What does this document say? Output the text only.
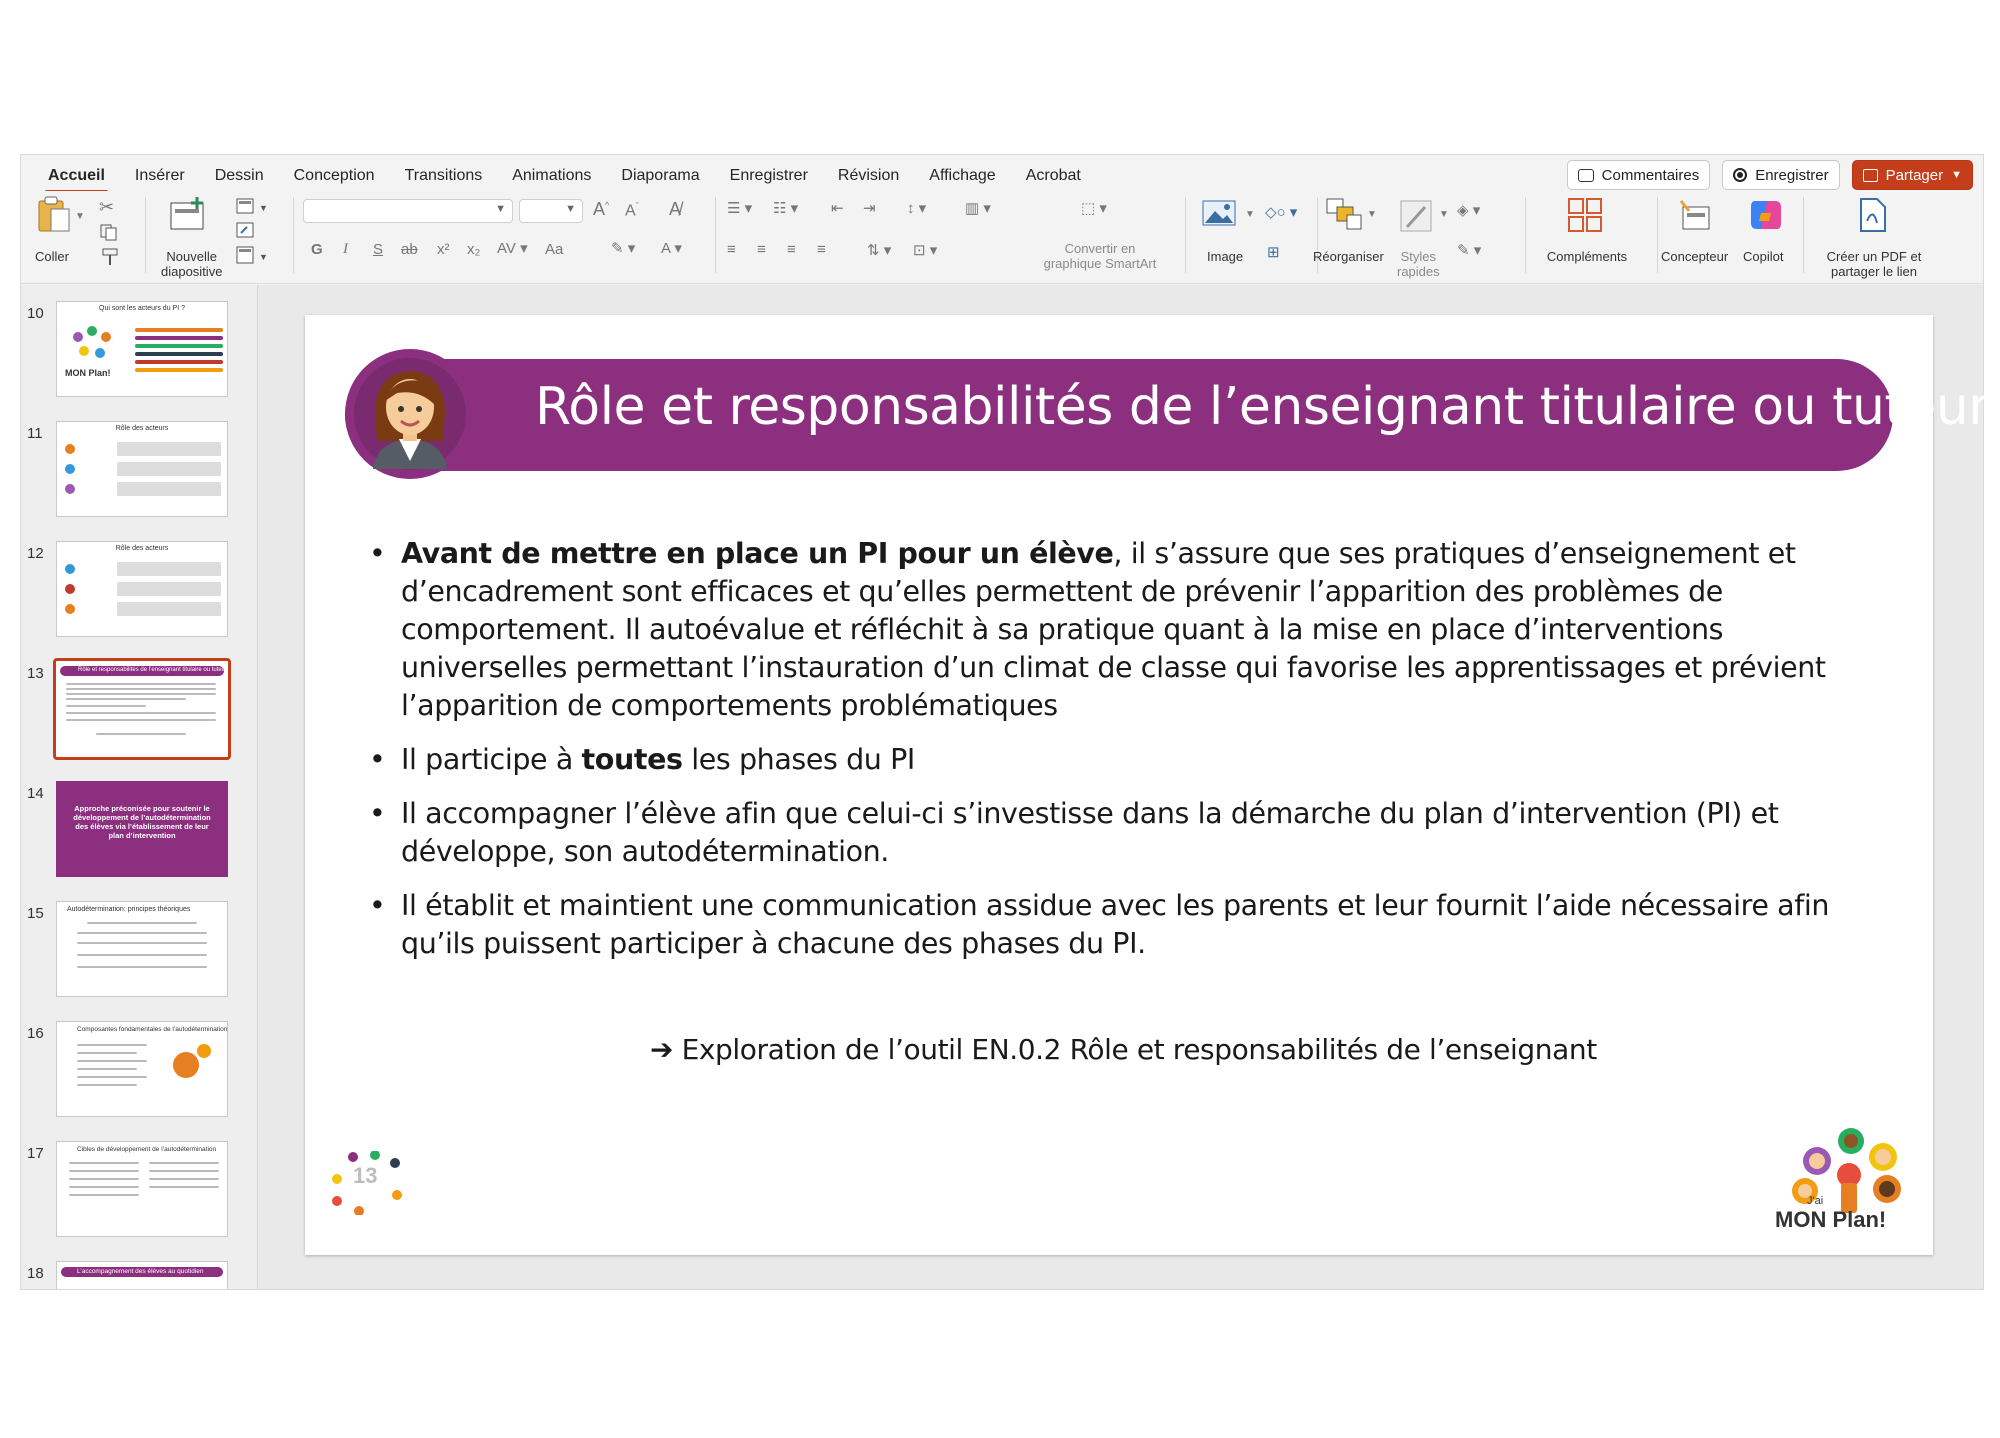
Accueil	Insérer	Dessin	Conception	Transitions	Animations	Diaporama	Enregistrer	Révision	Affichage	Acrobat	Commentaires	Enregistrer	Partager ▼
▼
Coller
✂
Nouvelle
diapositive
▼
▼
▼	▼ A^ $A^ˇ$ A̸
G I S ab x² x₂ AV ▾ Aa	✎ ▾ A ▾
☰ ▾ ☷ ▾ ⇤ ⇥ ↕ ▾	▥ ▾
≡ ≡ ≡ ≡	⇅ ▾ ⊡ ▾
⬚ ▾
Convertir en
graphique SmartArt
▼
Image
◇○ ▾
⊞
▼
Réorganiser
▼
Styles
rapides
◈ ▾
✎ ▾	Compléments	Concepteur Copilot	Créer un PDF et
partager le lien
10	Qui sont les acteurs du PI ?
MON Plan!
11	Rôle des acteurs
12	Rôle des acteurs
13	Rôle et responsabilités de l’enseignant titulaire ou tuteur
14
Approche préconisée pour soutenir le développement de l’autodétermination des élèves via l’établissement de leur plan d’intervention
15	Autodétermination: principes théoriques
16	Composantes fondamentales de l’autodétermination
17	Cibles de développement de l’autodétermination
18	L’accompagnement des élèves au quotidien
Rôle et responsabilités de l’enseignant titulaire ou tuteur
• Avant de mettre en place un PI pour un élève, il s’assure que ses pratiques d’enseignement et d’encadrement sont efficaces et qu’elles permettent de prévenir l’apparition des problèmes de comportement. Il autoévalue et réfléchit à sa pratique quant à la mise en place d’interventions universelles permettant l’instauration d’un climat de classe qui favorise les apprentissages et prévient l’apparition de comportements problématiques
• Il participe à toutes les phases du PI
• Il accompagner l’élève afin que celui-ci s’investisse dans la démarche du plan d’intervention (PI) et développe, son autodétermination.
• Il établit et maintient une communication assidue avec les parents et leur fournit l’aide nécessaire afin qu’ils puissent participer à chacune des phases du PI.
➔ Exploration de l’outil EN.0.2 Rôle et responsabilités de l’enseignant
13
J'ai
MON Plan!
